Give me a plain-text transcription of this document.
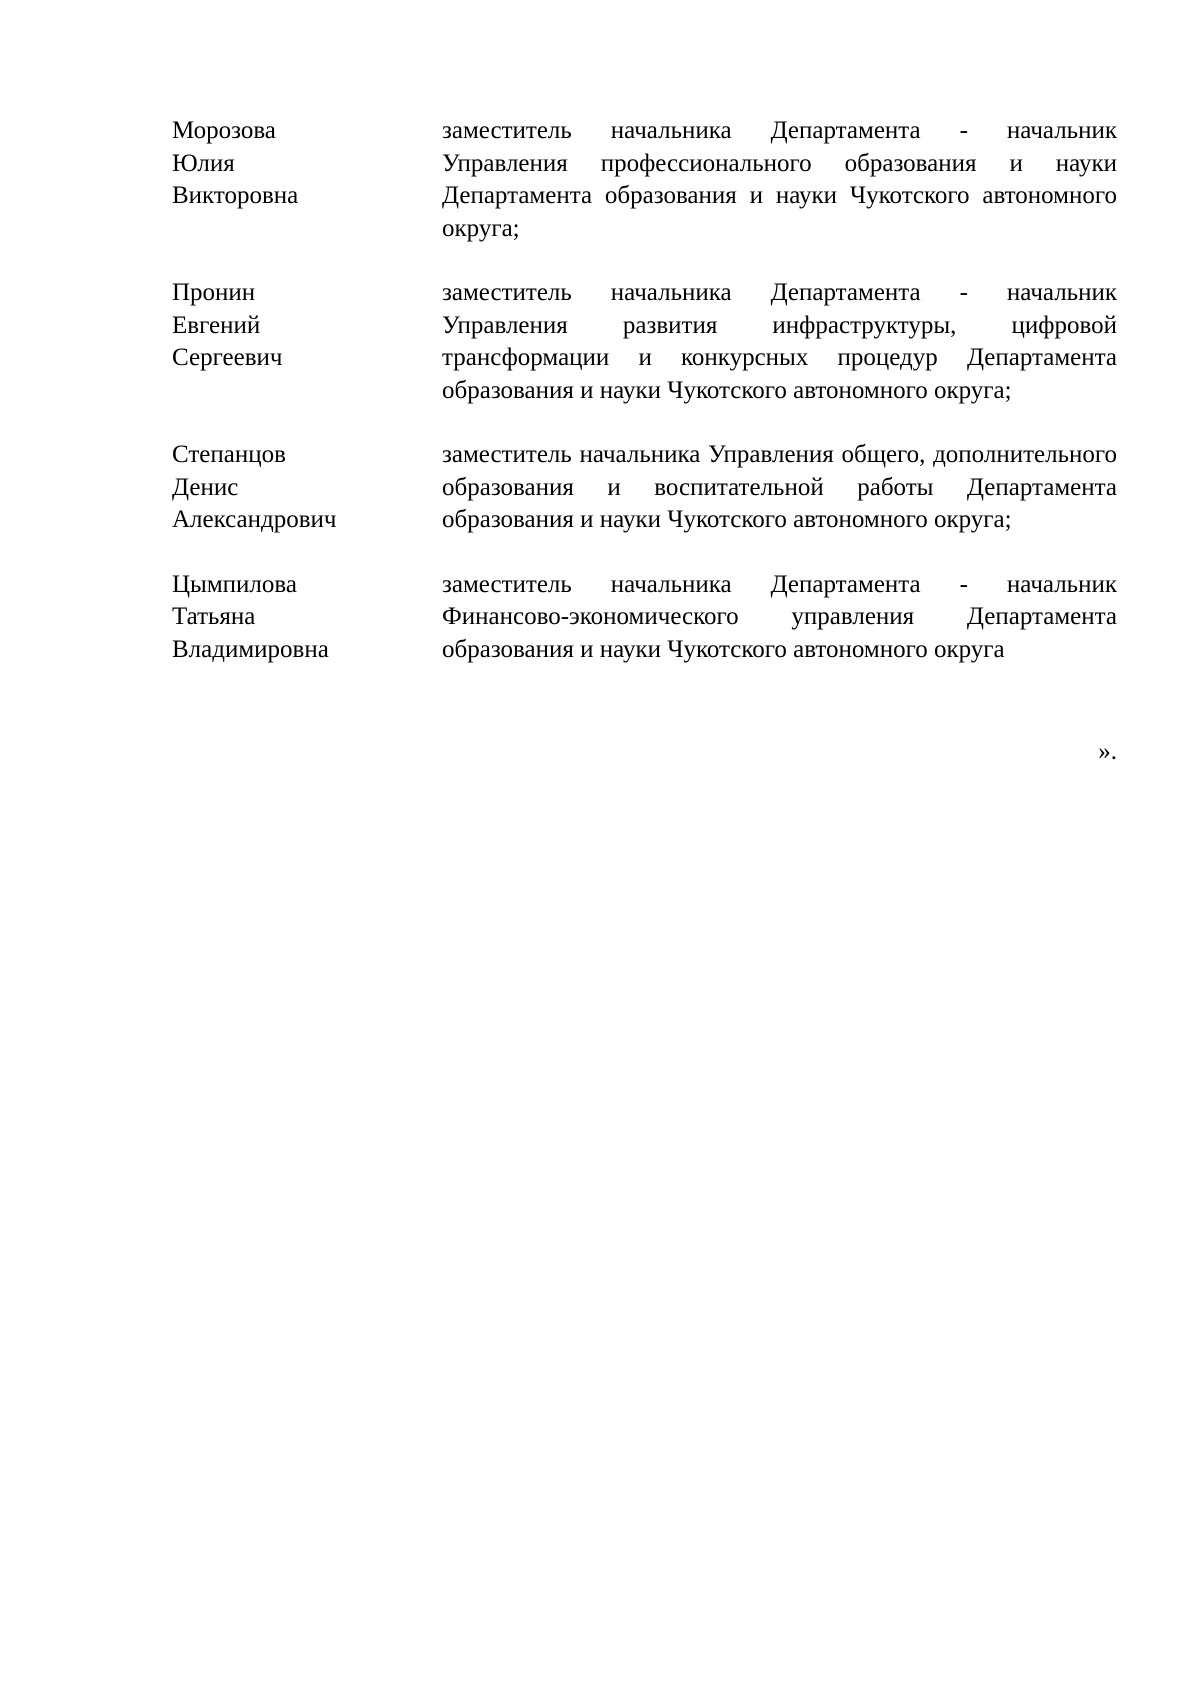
Морозова
Юлия
Викторовна
заместитель начальника Департамента - начальник Управления профессионального образования и науки Департамента образования и науки Чукотского автономного округа;
Пронин
Евгений
Сергеевич
заместитель начальника Департамента - начальник Управления развития инфраструктуры, цифровой трансформации и конкурсных процедур Департамента образования и науки Чукотского автономного округа;
Степанцов
Денис
Александрович
заместитель начальника Управления общего, дополнительного образования и воспитательной работы Департамента образования и науки Чукотского автономного округа;
Цымпилова
Татьяна
Владимировна
заместитель начальника Департамента - начальник Финансово-экономического управления Департамента образования и науки Чукотского автономного округа
».
